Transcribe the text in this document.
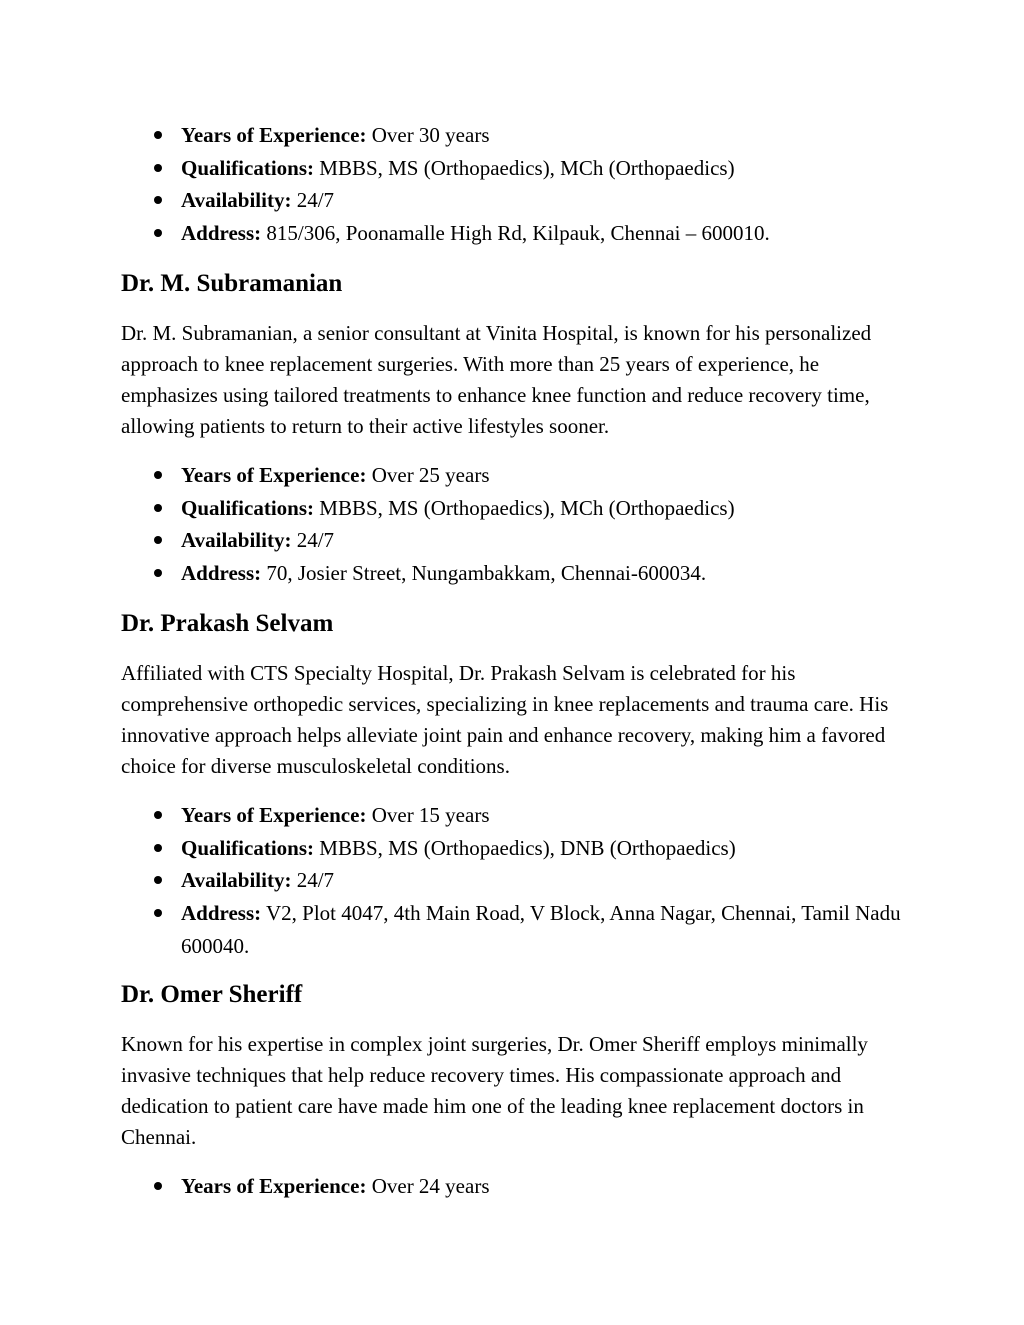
Years of Experience: Over 30 years
Qualifications: MBBS, MS (Orthopaedics), MCh (Orthopaedics)
Availability: 24/7
Address: 815/306, Poonamalle High Rd, Kilpauk, Chennai – 600010.
Dr. M. Subramanian

Dr. M. Subramanian, a senior consultant at Vinita Hospital, is known for his personalized approach to knee replacement surgeries. With more than 25 years of experience, he emphasizes using tailored treatments to enhance knee function and reduce recovery time, allowing patients to return to their active lifestyles sooner.

Years of Experience: Over 25 years
Qualifications: MBBS, MS (Orthopaedics), MCh (Orthopaedics)
Availability: 24/7
Address: 70, Josier Street, Nungambakkam, Chennai-600034.
Dr. Prakash Selvam

Affiliated with CTS Specialty Hospital, Dr. Prakash Selvam is celebrated for his comprehensive orthopedic services, specializing in knee replacements and trauma care. His innovative approach helps alleviate joint pain and enhance recovery, making him a favored choice for diverse musculoskeletal conditions.

Years of Experience: Over 15 years
Qualifications: MBBS, MS (Orthopaedics), DNB (Orthopaedics)
Availability: 24/7
Address: V2, Plot 4047, 4th Main Road, V Block, Anna Nagar, Chennai, Tamil Nadu 600040.
Dr. Omer Sheriff

Known for his expertise in complex joint surgeries, Dr. Omer Sheriff employs minimally invasive techniques that help reduce recovery times. His compassionate approach and dedication to patient care have made him one of the leading knee replacement doctors in Chennai.

Years of Experience: Over 24 years
